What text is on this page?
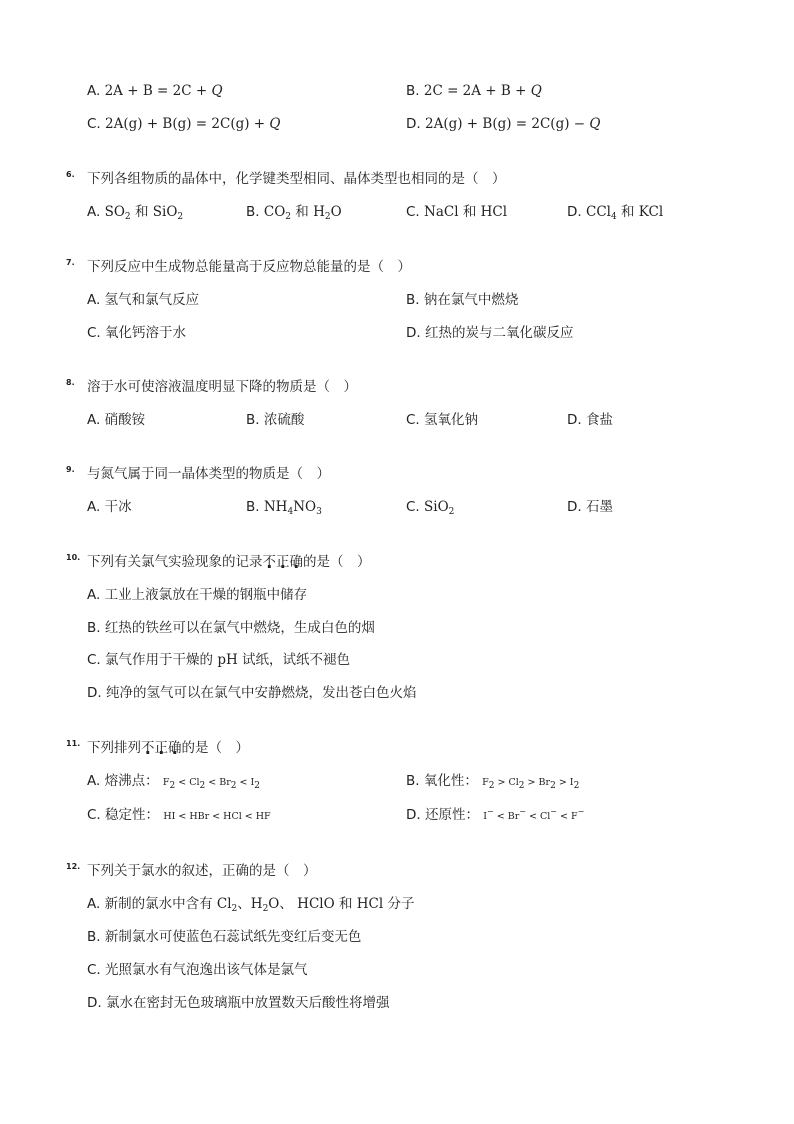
A. 2A + B = 2C + Q	B. 2C = 2A + B + Q
C. 2A(g) + B(g) = 2C(g) + Q	D. 2A(g) + B(g) = 2C(g) − Q
6. 下列各组物质的晶体中，化学键类型相同、晶体类型也相同的是（　）
A. $SO_2$ 和 SiO$_2$	B. $CO_2$ 和 $H_2O$	C. NaCl 和 HCl	D. CCl$_4$ 和 KCl
7. 下列反应中生成物总能量高于反应物总能量的是（　）
A. 氢气和氯气反应	B. 钠在氯气中燃烧
C. 氧化钙溶于水	D. 红热的炭与二氧化碳反应
8. 溶于水可使溶液温度明显下降的物质是（　）
A. 硝酸铵	B. 浓硫酸	C. 氢氧化钠	D. 食盐
9. 与氮气属于同一晶体类型的物质是（　）
A. 干冰	B. $NH_4NO_3$	C. SiO$_2$	D. 石墨
10. 下列有关氯气实验现象的记录不正确的是（　）
A. 工业上液氯放在干燥的钢瓶中储存
B. 红热的铁丝可以在氯气中燃烧，生成白色的烟
C. 氯气作用于干燥的 pH 试纸，试纸不褪色
D. 纯净的氢气可以在氯气中安静燃烧，发出苍白色火焰
11. 下列排列不正确的是（　）
A. 熔沸点： $F_2 < Cl_2 < Br_2 < I_2$	B. 氧化性： $F_2 > Cl_2 > Br_2 > I_2$
C. 稳定性： HI < HBr < HCl < HF	D. 还原性： I− < Br− < Cl− < F−
12. 下列关于氯水的叙述，正确的是（　）
A. 新制的氯水中含有 $Cl_2$、$H_2O$、 HClO 和 HCl 分子
B. 新制氯水可使蓝色石蕊试纸先变红后变无色
C. 光照氯水有气泡逸出该气体是氯气
D. 氯水在密封无色玻璃瓶中放置数天后酸性将增强
